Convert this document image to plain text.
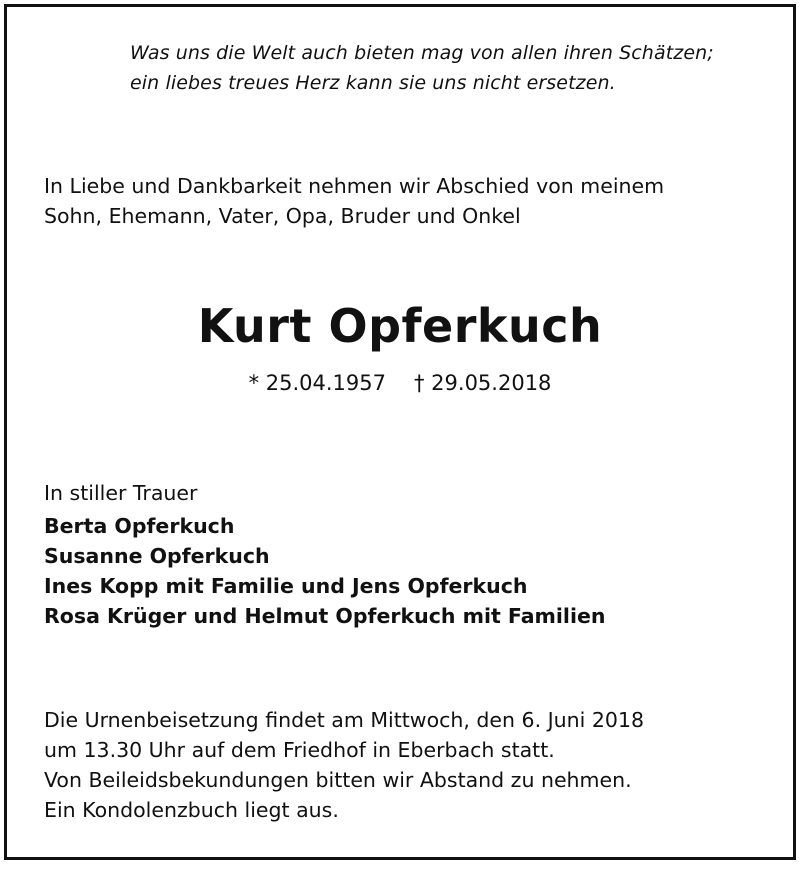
Was uns die Welt auch bieten mag von allen ihren Schätzen;
ein liebes treues Herz kann sie uns nicht ersetzen.
In Liebe und Dankbarkeit nehmen wir Abschied von meinem
Sohn, Ehemann, Vater, Opa, Bruder und Onkel
Kurt Opferkuch
* 25.04.1957 † 29.05.2018
In stiller Trauer
Berta Opferkuch
Susanne Opferkuch
Ines Kopp mit Familie und Jens Opferkuch
Rosa Krüger und Helmut Opferkuch mit Familien
Die Urnenbeisetzung findet am Mittwoch, den 6. Juni 2018
um 13.30 Uhr auf dem Friedhof in Eberbach statt.
Von Beileidsbekundungen bitten wir Abstand zu nehmen.
Ein Kondolenzbuch liegt aus.
